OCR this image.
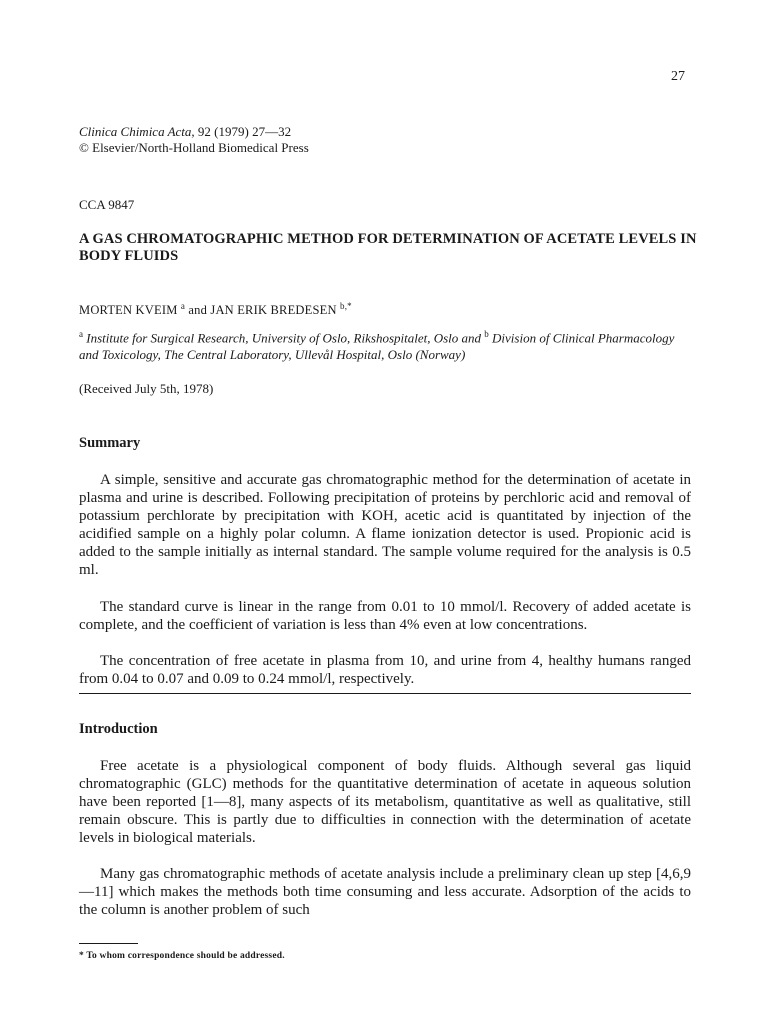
27
Clinica Chimica Acta, 92 (1979) 27—32
© Elsevier/North-Holland Biomedical Press
CCA 9847
A GAS CHROMATOGRAPHIC METHOD FOR DETERMINATION OF ACETATE LEVELS IN BODY FLUIDS
MORTEN KVEIM $^a$ and JAN ERIK BREDESEN $^{b,*}$
$^a$ Institute for Surgical Research, University of Oslo, Rikshospitalet, Oslo and $^b$ Division of Clinical Pharmacology and Toxicology, The Central Laboratory, Ullevål Hospital, Oslo (Norway)
(Received July 5th, 1978)
Summary

A simple, sensitive and accurate gas chromatographic method for the determination of acetate in plasma and urine is described. Following precipitation of proteins by perchloric acid and removal of potassium perchlorate by precipitation with KOH, acetic acid is quantitated by injection of the acidified sample on a highly polar column. A flame ionization detector is used. Propionic acid is added to the sample initially as internal standard. The sample volume required for the analysis is 0.5 ml.

The standard curve is linear in the range from 0.01 to 10 mmol/l. Recovery of added acetate is complete, and the coefficient of variation is less than 4% even at low concentrations.

The concentration of free acetate in plasma from 10, and urine from 4, healthy humans ranged from 0.04 to 0.07 and 0.09 to 0.24 mmol/l, respectively.

Introduction

Free acetate is a physiological component of body fluids. Although several gas liquid chromatographic (GLC) methods for the quantitative determination of acetate in aqueous solution have been reported [1—8], many aspects of its metabolism, quantitative as well as qualitative, still remain obscure. This is partly due to difficulties in connection with the determination of acetate levels in biological materials.

Many gas chromatographic methods of acetate analysis include a preliminary clean up step [4,6,9—11] which makes the methods both time consuming and less accurate. Adsorption of the acids to the column is another problem of such

* To whom correspondence should be addressed.
